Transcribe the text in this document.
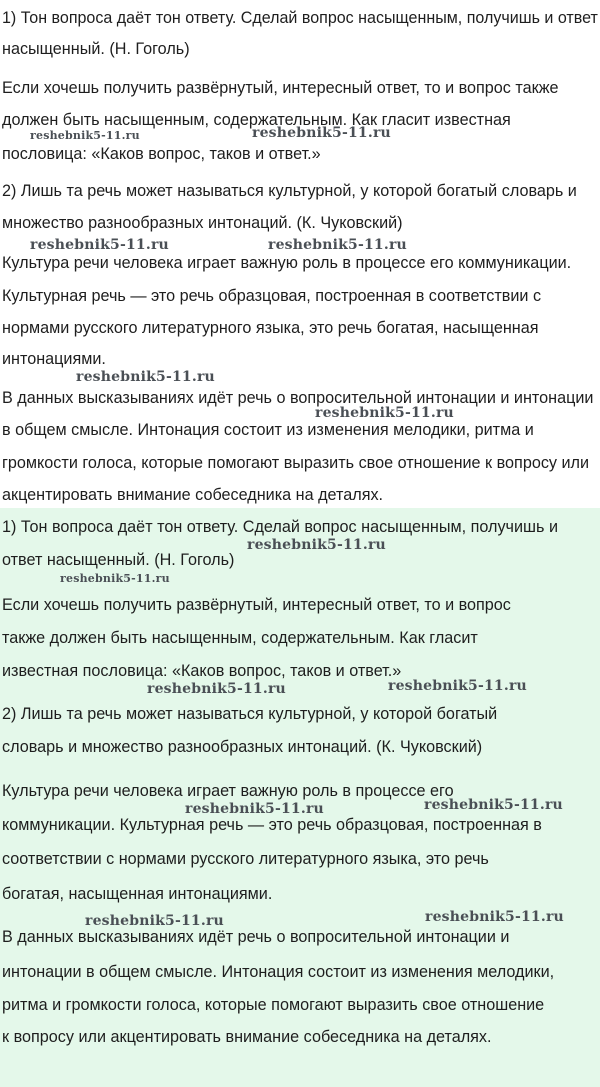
1) Тон вопроса даёт тон ответу. Сделай вопрос насыщенным, получишь и ответ
насыщенный. (Н. Гоголь)
Если хочешь получить развёрнутый, интересный ответ, то и вопрос также
должен быть насыщенным, содержательным. Как гласит известная
пословица: «Каков вопрос, таков и ответ.»
2) Лишь та речь может называться культурной, у которой богатый словарь и
множество разнообразных интонаций. (К. Чуковский)
Культура речи человека играет важную роль в процессе его коммуникации.
Культурная речь — это речь образцовая, построенная в соответствии с
нормами русского литературного языка, это речь богатая, насыщенная
интонациями.
В данных высказываниях идёт речь о вопросительной интонации и интонации
в общем смысле. Интонация состоит из изменения мелодики, ритма и
громкости голоса, которые помогают выразить свое отношение к вопросу или
акцентировать внимание собеседника на деталях.
reshebnik5-11.ru	reshebnik5-11.ru
reshebnik5-11.ru	reshebnik5-11.ru
reshebnik5-11.ru
reshebnik5-11.ru
1) Тон вопроса даёт тон ответу. Сделай вопрос насыщенным, получишь и
ответ насыщенный. (Н. Гоголь)
Если хочешь получить развёрнутый, интересный ответ, то и вопрос
также должен быть насыщенным, содержательным. Как гласит
известная пословица: «Каков вопрос, таков и ответ.»
2) Лишь та речь может называться культурной, у которой богатый
словарь и множество разнообразных интонаций. (К. Чуковский)
Культура речи человека играет важную роль в процессе его
коммуникации. Культурная речь — это речь образцовая, построенная в
соответствии с нормами русского литературного языка, это речь
богатая, насыщенная интонациями.
В данных высказываниях идёт речь о вопросительной интонации и
интонации в общем смысле. Интонация состоит из изменения мелодики,
ритма и громкости голоса, которые помогают выразить свое отношение
к вопросу или акцентировать внимание собеседника на деталях.
reshebnik5-11.ru
reshebnik5-11.ru
reshebnik5-11.ru	reshebnik5-11.ru
reshebnik5-11.ru	reshebnik5-11.ru
reshebnik5-11.ru	reshebnik5-11.ru
